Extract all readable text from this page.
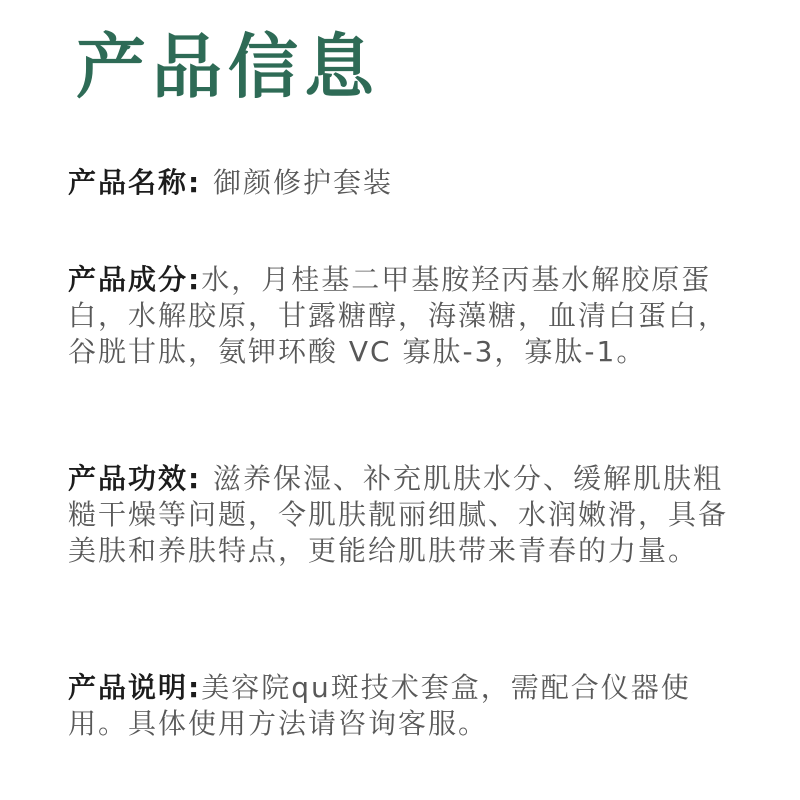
产品信息

产品名称: 御颜修护套装

产品成分:水，月桂基二甲基胺羟丙基水解胶原蛋白，水解胶原，甘露糖醇，海藻糖，血清白蛋白，谷胱甘肽，氨钾环酸 VC 寡肽-3，寡肽-1。

产品功效: 滋养保湿、补充肌肤水分、缓解肌肤粗糙干燥等问题，令肌肤靓丽细腻、水润嫩滑，具备美肤和养肤特点，更能给肌肤带来青春的力量。

产品说明:美容院qu斑技术套盒，需配合仪器使用。具体使用方法请咨询客服。
